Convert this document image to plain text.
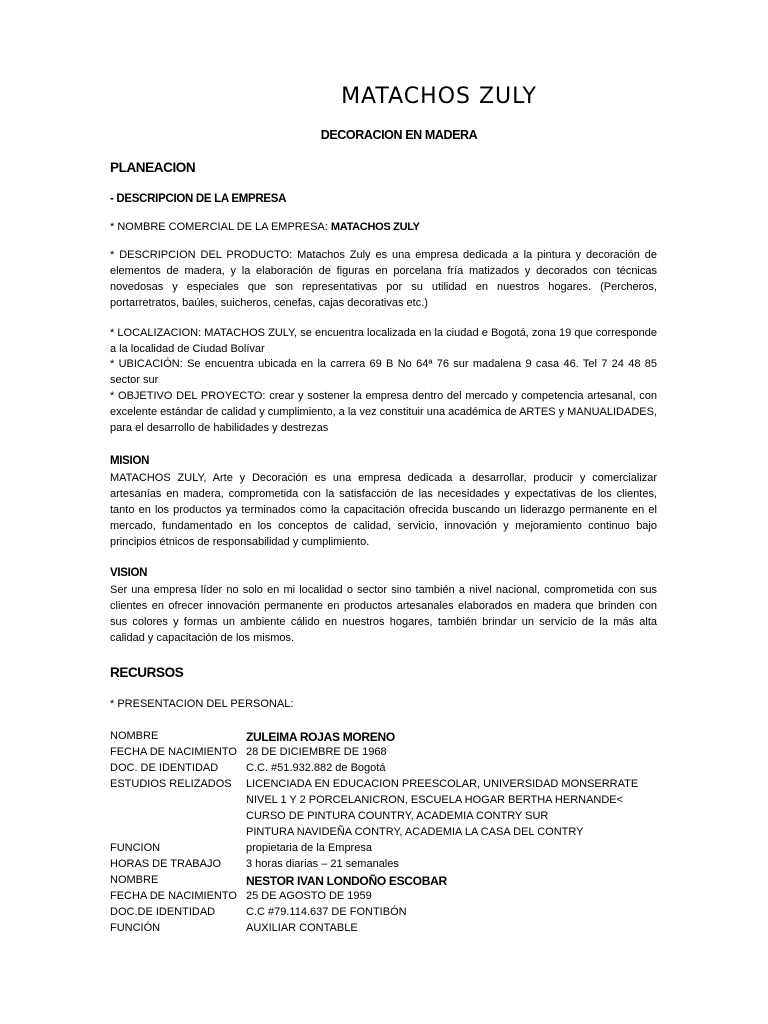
MATACHOS ZULY
DECORACION EN MADERA
PLANEACION
- DESCRIPCION DE LA EMPRESA
* NOMBRE COMERCIAL DE LA EMPRESA: MATACHOS ZULY
* DESCRIPCION DEL PRODUCTO: Matachos Zuly es una empresa dedicada a la pintura y decoración de elementos de madera, y la elaboración de figuras en porcelana fría matizados y decorados con técnicas novedosas y especiales que son representativas por su utilidad en nuestros hogares. (Percheros, portarretratos, baúles, suicheros, cenefas, cajas decorativas etc.)
* LOCALIZACION: MATACHOS ZULY, se encuentra localizada en la ciudad e Bogotá, zona 19 que corresponde a la localidad de Ciudad Bolívar
* UBICACIÓN: Se encuentra ubicada en la carrera 69 B No 64ª 76 sur madalena 9 casa 46. Tel 7 24 48 85 sector sur
* OBJETIVO DEL PROYECTO: crear y sostener la empresa dentro del mercado y competencia artesanal, con excelente estándar de calidad y cumplimiento, a la vez constituir una académica de ARTES y MANUALIDADES, para el desarrollo de habilidades y destrezas
MISION
MATACHOS ZULY, Arte y Decoración es una empresa dedicada a desarrollar, producir y comercializar artesanías en madera, comprometida con la satisfacción de las necesidades y expectativas de los clientes, tanto en los productos ya terminados como la capacitación ofrecida buscando un liderazgo permanente en el mercado, fundamentado en los conceptos de calidad, servicio, innovación y mejoramiento continuo bajo principios étnicos de responsabilidad y cumplimiento.
VISION
Ser una empresa líder no solo en mi localidad o sector sino también a nivel nacional, comprometida con sus clientes en ofrecer innovación permanente en productos artesanales elaborados en madera que brinden con sus colores y formas un ambiente cálido en nuestros hogares, también brindar un servicio de la más alta calidad y capacitación de los mismos.
RECURSOS
* PRESENTACION DEL PERSONAL:
NOMBRE	ZULEIMA ROJAS MORENO
FECHA DE NACIMIENTO 28 DE DICIEMBRE DE 1968
DOC. DE IDENTIDAD	C.C. #51.932.882 de Bogotá
ESTUDIOS RELIZADOS LICENCIADA EN EDUCACION PREESCOLAR, UNIVERSIDAD MONSERRATE
NIVEL 1 Y 2 PORCELANICRON, ESCUELA HOGAR BERTHA HERNANDE<
CURSO DE PINTURA COUNTRY, ACADEMIA CONTRY SUR
PINTURA NAVIDEÑA CONTRY, ACADEMIA LA CASA DEL CONTRY
FUNCION	propietaria de la Empresa
HORAS DE TRABAJO 3 horas diarias – 21 semanales
NOMBRE	NESTOR IVAN LONDOÑO ESCOBAR
FECHA DE NACIMIENTO 25 DE AGOSTO DE 1959
DOC.DE IDENTIDAD	C.C #79.114.637 DE FONTIBÓN
FUNCIÓN	AUXILIAR CONTABLE
